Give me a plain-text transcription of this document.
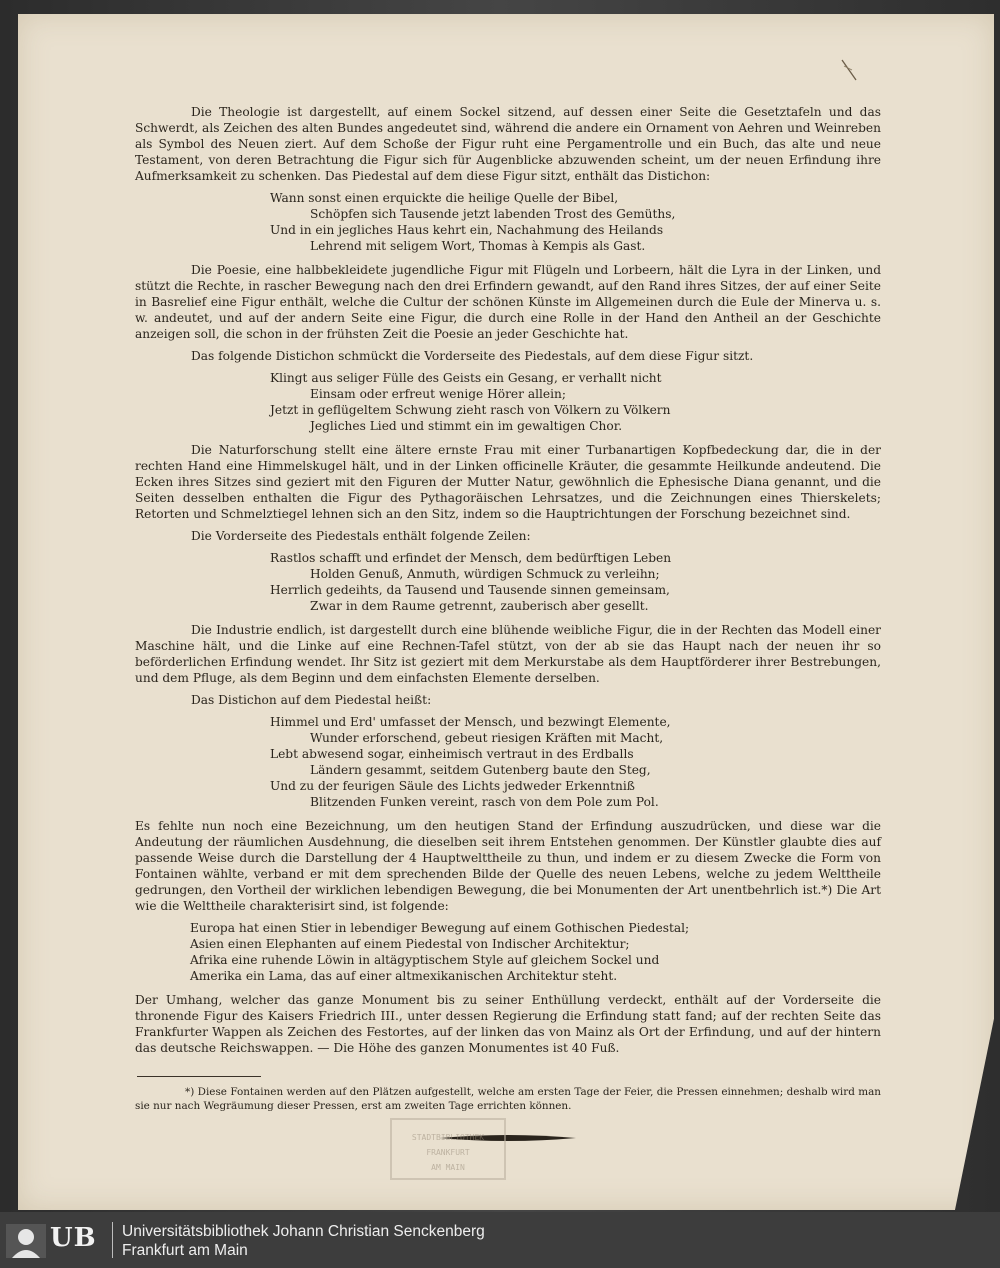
Die Theologie ist dargestellt, auf einem Sockel sitzend, auf dessen einer Seite die Gesetztafeln und das Schwerdt, als Zeichen des alten Bundes angedeutet sind, während die andere ein Ornament von Aehren und Weinreben als Symbol des Neuen ziert. Auf dem Schoße der Figur ruht eine Pergamentrolle und ein Buch, das alte und neue Testament, von deren Betrachtung die Figur sich für Augenblicke abzuwenden scheint, um der neuen Erfindung ihre Aufmerksamkeit zu schenken. Das Piedestal auf dem diese Figur sitzt, enthält das Distichon:

Wann sonst einen erquickte die heilige Quelle der Bibel,
Schöpfen sich Tausende jetzt labenden Trost des Gemüths,
Und in ein jegliches Haus kehrt ein, Nachahmung des Heilands
Lehrend mit seligem Wort, Thomas à Kempis als Gast.

Die Poesie, eine halbbekleidete jugendliche Figur mit Flügeln und Lorbeern, hält die Lyra in der Linken, und stützt die Rechte, in rascher Bewegung nach den drei Erfindern gewandt, auf den Rand ihres Sitzes, der auf einer Seite in Basrelief eine Figur enthält, welche die Cultur der schönen Künste im Allgemeinen durch die Eule der Minerva u. s. w. andeutet, und auf der andern Seite eine Figur, die durch eine Rolle in der Hand den Antheil an der Geschichte anzeigen soll, die schon in der frühsten Zeit die Poesie an jeder Geschichte hat.

Das folgende Distichon schmückt die Vorderseite des Piedestals, auf dem diese Figur sitzt.

Klingt aus seliger Fülle des Geists ein Gesang, er verhallt nicht
Einsam oder erfreut wenige Hörer allein;
Jetzt in geflügeltem Schwung zieht rasch von Völkern zu Völkern
Jegliches Lied und stimmt ein im gewaltigen Chor.

Die Naturforschung stellt eine ältere ernste Frau mit einer Turbanartigen Kopfbedeckung dar, die in der rechten Hand eine Himmelskugel hält, und in der Linken officinelle Kräuter, die gesammte Heilkunde andeutend. Die Ecken ihres Sitzes sind geziert mit den Figuren der Mutter Natur, gewöhnlich die Ephesische Diana genannt, und die Seiten desselben enthalten die Figur des Pythagoräischen Lehrsatzes, und die Zeichnungen eines Thierskelets; Retorten und Schmelztiegel lehnen sich an den Sitz, indem so die Hauptrichtungen der Forschung bezeichnet sind.

Die Vorderseite des Piedestals enthält folgende Zeilen:

Rastlos schafft und erfindet der Mensch, dem bedürftigen Leben
Holden Genuß, Anmuth, würdigen Schmuck zu verleihn;
Herrlich gedeihts, da Tausend und Tausende sinnen gemeinsam,
Zwar in dem Raume getrennt, zauberisch aber gesellt.

Die Industrie endlich, ist dargestellt durch eine blühende weibliche Figur, die in der Rechten das Modell einer Maschine hält, und die Linke auf eine Rechnen-Tafel stützt, von der ab sie das Haupt nach der neuen ihr so beförderlichen Erfindung wendet. Ihr Sitz ist geziert mit dem Merkurstabe als dem Hauptförderer ihrer Bestrebungen, und dem Pfluge, als dem Beginn und dem einfachsten Elemente derselben.

Das Distichon auf dem Piedestal heißt:

Himmel und Erd' umfasset der Mensch, und bezwingt Elemente,
Wunder erforschend, gebeut riesigen Kräften mit Macht,
Lebt abwesend sogar, einheimisch vertraut in des Erdballs
Ländern gesammt, seitdem Gutenberg baute den Steg,
Und zu der feurigen Säule des Lichts jedweder Erkenntniß
Blitzenden Funken vereint, rasch von dem Pole zum Pol.

Es fehlte nun noch eine Bezeichnung, um den heutigen Stand der Erfindung auszudrücken, und diese war die Andeutung der räumlichen Ausdehnung, die dieselben seit ihrem Entstehen genommen. Der Künstler glaubte dies auf passende Weise durch die Darstellung der 4 Hauptwelttheile zu thun, und indem er zu diesem Zwecke die Form von Fontainen wählte, verband er mit dem sprechenden Bilde der Quelle des neuen Lebens, welche zu jedem Welttheile gedrungen, den Vortheil der wirklichen lebendigen Bewegung, die bei Monumenten der Art unentbehrlich ist.*) Die Art wie die Welttheile charakterisirt sind, ist folgende:

Europa hat einen Stier in lebendiger Bewegung auf einem Gothischen Piedestal;
Asien einen Elephanten auf einem Piedestal von Indischer Architektur;
Afrika eine ruhende Löwin in altägyptischem Style auf gleichem Sockel und
Amerika ein Lama, das auf einer altmexikanischen Architektur steht.

Der Umhang, welcher das ganze Monument bis zu seiner Enthüllung verdeckt, enthält auf der Vorderseite die thronende Figur des Kaisers Friedrich III., unter dessen Regierung die Erfindung statt fand; auf der rechten Seite das Frankfurter Wappen als Zeichen des Festortes, auf der linken das von Mainz als Ort der Erfindung, und auf der hintern das deutsche Reichswappen. — Die Höhe des ganzen Monumentes ist 40 Fuß.

*) Diese Fontainen werden auf den Plätzen aufgestellt, welche am ersten Tage der Feier, die Pressen einnehmen; deshalb wird man sie nur nach Wegräumung dieser Pressen, erst am zweiten Tage errichten können.

STADTBIBLIOTHEK
FRANKFURT
AM MAIN
UB Universitätsbibliothek Johann Christian Senckenberg
Frankfurt am Main
